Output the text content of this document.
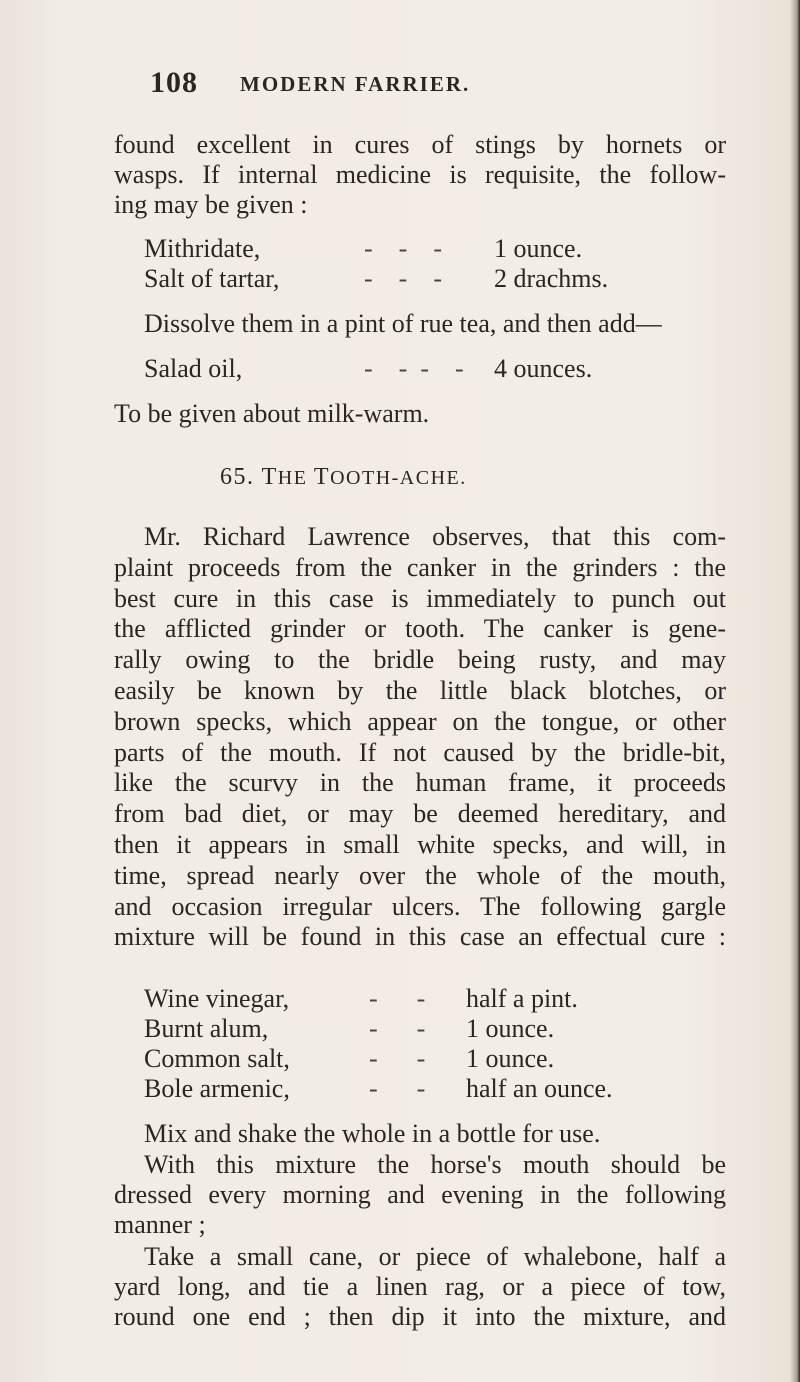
108 MODERN FARRIER.
found excellent in cures of stings by hornets or
wasps. If internal medicine is requisite, the follow-
ing may be given :
Mithridate,	-    -    - 1 ounce.
Salt of tartar,	-    -    - 2 drachms.
Dissolve them in a pint of rue tea, and then add—
Salad oil,	-    -  -    - 4 ounces.
To be given about milk-warm.
65. THE TOOTH-ACHE.
Mr. Richard Lawrence observes, that this com-
plaint proceeds from the canker in the grinders : the
best cure in this case is immediately to punch out
the afflicted grinder or tooth. The canker is gene-
rally owing to the bridle being rusty, and may
easily be known by the little black blotches, or
brown specks, which appear on the tongue, or other
parts of the mouth. If not caused by the bridle-bit,
like the scurvy in the human frame, it proceeds
from bad diet, or may be deemed hereditary, and
then it appears in small white specks, and will, in
time, spread nearly over the whole of the mouth,
and occasion irregular ulcers. The following gargle
mixture will be found in this case an effectual cure :
Wine vinegar,	-      - half a pint.
Burnt alum,	-      - 1 ounce.
Common salt,	-      - 1 ounce.
Bole armenic,	-      - half an ounce.
Mix and shake the whole in a bottle for use.
With this mixture the horse's mouth should be
dressed every morning and evening in the following
manner ;
Take a small cane, or piece of whalebone, half a
yard long, and tie a linen rag, or a piece of tow,
round one end ; then dip it into the mixture, and
